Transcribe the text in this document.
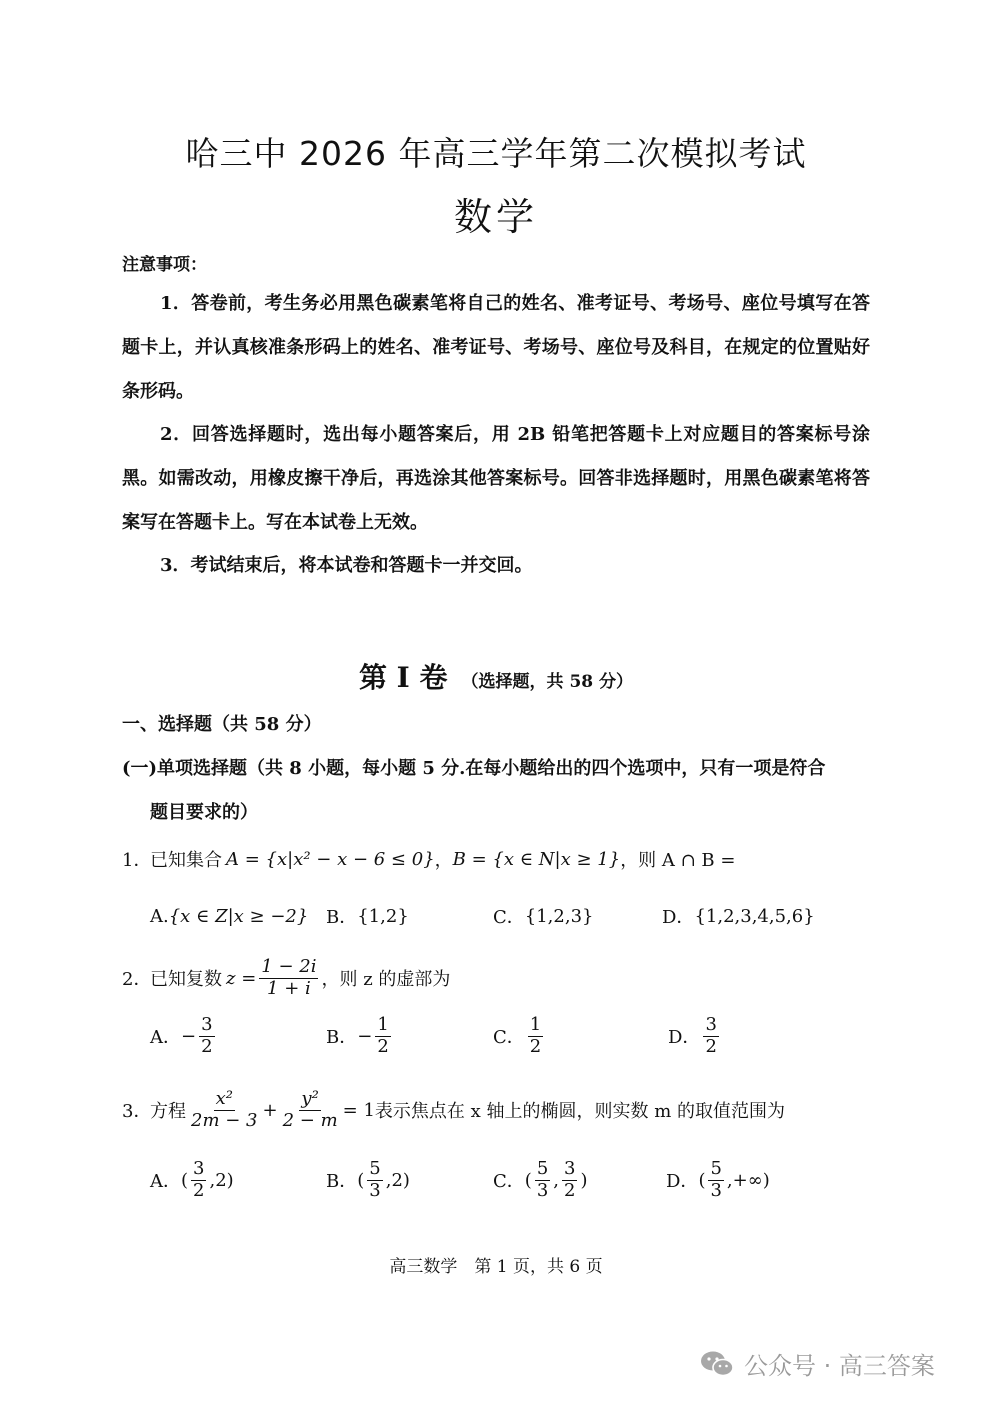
哈三中 2026 年高三学年第二次模拟考试
数学
注意事项：
1．答卷前，考生务必用黑色碳素笔将自己的姓名、准考证号、考场号、座位号填写在答题卡上，并认真核准条形码上的姓名、准考证号、考场号、座位号及科目，在规定的位置贴好条形码。
2．回答选择题时，选出每小题答案后，用 2B 铅笔把答题卡上对应题目的答案标号涂黑。如需改动，用橡皮擦干净后，再选涂其他答案标号。回答非选择题时，用黑色碳素笔将答案写在答题卡上。写在本试卷上无效。
3．考试结束后，将本试卷和答题卡一并交回。
第 I 卷 （选择题，共 58 分）
一、选择题（共 58 分）
(一)单项选择题（共 8 小题，每小题 5 分.在每小题给出的四个选项中，只有一项是符合
题目要求的）
1．
已知集合 A = {x|x² − x − 6 ≤ 0} ， B = {x ∈ N|x ≥ 1} ，则 A ∩ B =
A. {x ∈ Z|x ≥ −2} B． {1,2}	C． {1,2,3}	D． {1,2,3,4,5,6}
2．
已知复数 $z = \frac{1 - 2i}{1 + i}$ ，则 z 的虚部为
A． − $\frac{3}{2}$	B． − $\frac{1}{2}$	C． $\frac{1}{2}$	D． $\frac{3}{2}$
3．
方程 $\frac{\text{x²}}{2m - 3} + \frac{\text{y²}}{2 - m} = 1$ 表示焦点在 x 轴上的椭圆，则实数 m 的取值范围为
A． ( $\frac{3}{2} ,2$)	B． ( $\frac{5}{3} ,2$)	C． ( $\frac{5}{3}$ , $\frac{3}{2}$ )	D． ( $\frac{5}{3}$ ,+∞)
高三数学　第 1 页，共 6 页
公众号 · 高三答案
